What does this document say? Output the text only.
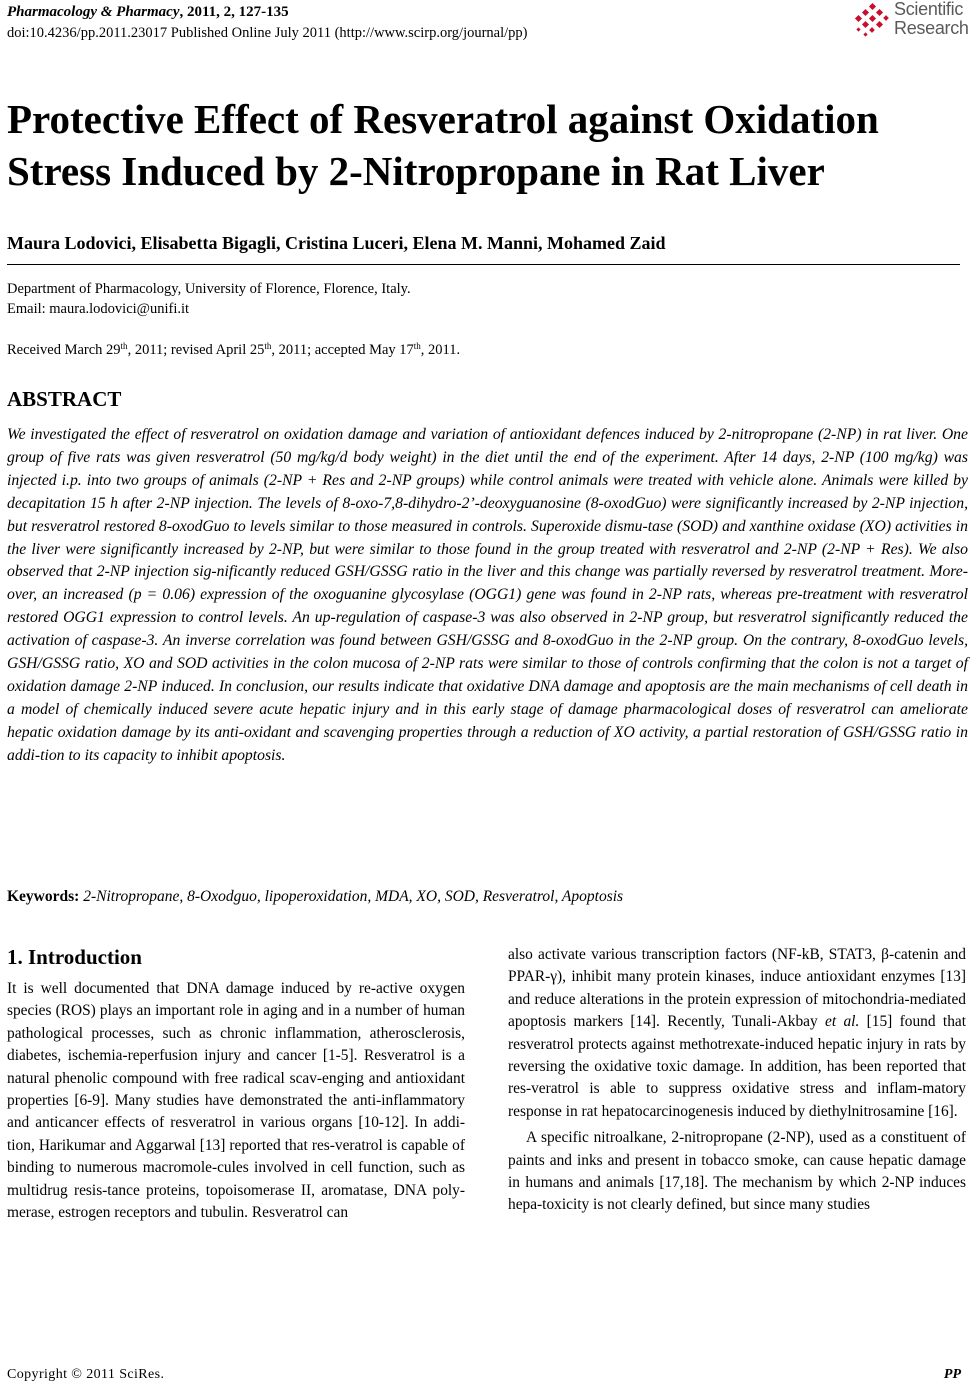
Pharmacology & Pharmacy, 2011, 2, 127-135
doi:10.4236/pp.2011.23017 Published Online July 2011 (http://www.scirp.org/journal/pp)
Scientific
Research
Protective Effect of Resveratrol against Oxidation Stress Induced by 2-Nitropropane in Rat Liver
Maura Lodovici, Elisabetta Bigagli, Cristina Luceri, Elena M. Manni, Mohamed Zaid
Department of Pharmacology, University of Florence, Florence, Italy.
Email: maura.lodovici@unifi.it
Received March 29th, 2011; revised April 25th, 2011; accepted May 17th, 2011.
ABSTRACT

We investigated the effect of resveratrol on oxidation damage and variation of antioxidant defences induced by 2-nitropropane (2-NP) in rat liver. One group of five rats was given resveratrol (50 mg/kg/d body weight) in the diet until the end of the experiment. After 14 days, 2-NP (100 mg/kg) was injected i.p. into two groups of animals (2-NP + Res and 2-NP groups) while control animals were treated with vehicle alone. Animals were killed by decapitation 15 h after 2-NP injection. The levels of 8-oxo-7,8-dihydro-2’-deoxyguanosine (8-oxodGuo) were significantly increased by 2-NP injection, but resveratrol restored 8-oxodGuo to levels similar to those measured in controls. Superoxide dismu-tase (SOD) and xanthine oxidase (XO) activities in the liver were significantly increased by 2-NP, but were similar to those found in the group treated with resveratrol and 2-NP (2-NP + Res). We also observed that 2-NP injection sig-nificantly reduced GSH/GSSG ratio in the liver and this change was partially reversed by resveratrol treatment. More-over, an increased (p = 0.06) expression of the oxoguanine glycosylase (OGG1) gene was found in 2-NP rats, whereas pre-treatment with resveratrol restored OGG1 expression to control levels. An up-regulation of caspase-3 was also observed in 2-NP group, but resveratrol significantly reduced the activation of caspase-3. An inverse correlation was found between GSH/GSSG and 8-oxodGuo in the 2-NP group. On the contrary, 8-oxodGuo levels, GSH/GSSG ratio, XO and SOD activities in the colon mucosa of 2-NP rats were similar to those of controls confirming that the colon is not a target of oxidation damage 2-NP induced. In conclusion, our results indicate that oxidative DNA damage and apoptosis are the main mechanisms of cell death in a model of chemically induced severe acute hepatic injury and in this early stage of damage pharmacological doses of resveratrol can ameliorate hepatic oxidation damage by its anti-oxidant and scavenging properties through a reduction of XO activity, a partial restoration of GSH/GSSG ratio in addi-tion to its capacity to inhibit apoptosis.

Keywords: 2-Nitropropane, 8-Oxodguo, lipoperoxidation, MDA, XO, SOD, Resveratrol, Apoptosis
1. Introduction

It is well documented that DNA damage induced by re-active oxygen species (ROS) plays an important role in aging and in a number of human pathological processes, such as chronic inflammation, atherosclerosis, diabetes, ischemia-reperfusion injury and cancer [1-5]. Resveratrol is a natural phenolic compound with free radical scav-enging and antioxidant properties [6-9]. Many studies have demonstrated the anti-inflammatory and anticancer effects of resveratrol in various organs [10-12]. In addi-tion, Harikumar and Aggarwal [13] reported that res-veratrol is capable of binding to numerous macromole-cules involved in cell function, such as multidrug resis-tance proteins, topoisomerase II, aromatase, DNA poly-merase, estrogen receptors and tubulin. Resveratrol can

also activate various transcription factors (NF-kB, STAT3, β-catenin and PPAR-γ), inhibit many protein kinases, induce antioxidant enzymes [13] and reduce alterations in the protein expression of mitochondria-mediated apoptosis markers [14]. Recently, Tunali-Akbay et al. [15] found that resveratrol protects against methotrexate-induced hepatic injury in rats by reversing the oxidative toxic damage. In addition, has been reported that res-veratrol is able to suppress oxidative stress and inflam-matory response in rat hepatocarcinogenesis induced by diethylnitrosamine [16].

A specific nitroalkane, 2-nitropropane (2-NP), used as a constituent of paints and inks and present in tobacco smoke, can cause hepatic damage in humans and animals [17,18]. The mechanism by which 2-NP induces hepa-toxicity is not clearly defined, but since many studies

Copyright © 2011 SciRes.	PP
